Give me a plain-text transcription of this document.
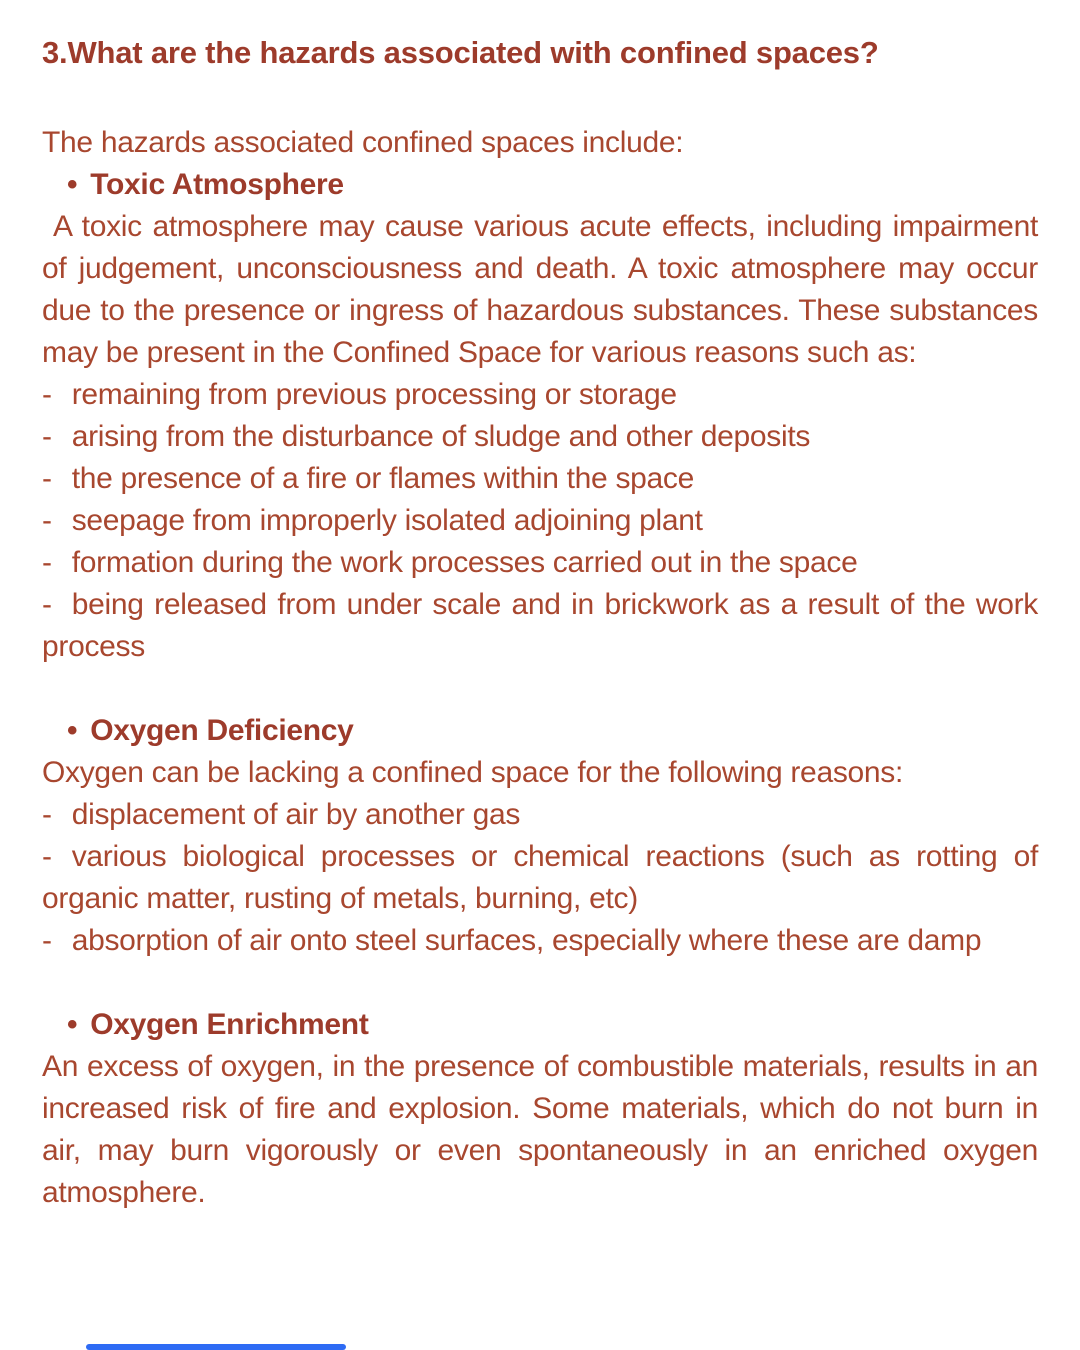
3.What are the hazards associated with confined spaces?

The hazards associated confined spaces include:

• Toxic Atmosphere

A toxic atmosphere may cause various acute effects, including impairment of judgement, unconsciousness and death. A toxic atmosphere may occur due to the presence or ingress of hazardous substances. These substances may be present in the Confined Space for various reasons such as:

- remaining from previous processing or storage

- arising from the disturbance of sludge and other deposits

- the presence of a fire or flames within the space

- seepage from improperly isolated adjoining plant

- formation during the work processes carried out in the space

- being released from under scale and in brickwork as a result of the work process

• Oxygen Deficiency

Oxygen can be lacking a confined space for the following reasons:

- displacement of air by another gas

- various biological processes or chemical reactions (such as rotting of organic matter, rusting of metals, burning, etc)

- absorption of air onto steel surfaces, especially where these are damp

• Oxygen Enrichment

An excess of oxygen, in the presence of combustible materials, results in an increased risk of fire and explosion. Some materials, which do not burn in air, may burn vigorously or even spontaneously in an enriched oxygen atmosphere.
